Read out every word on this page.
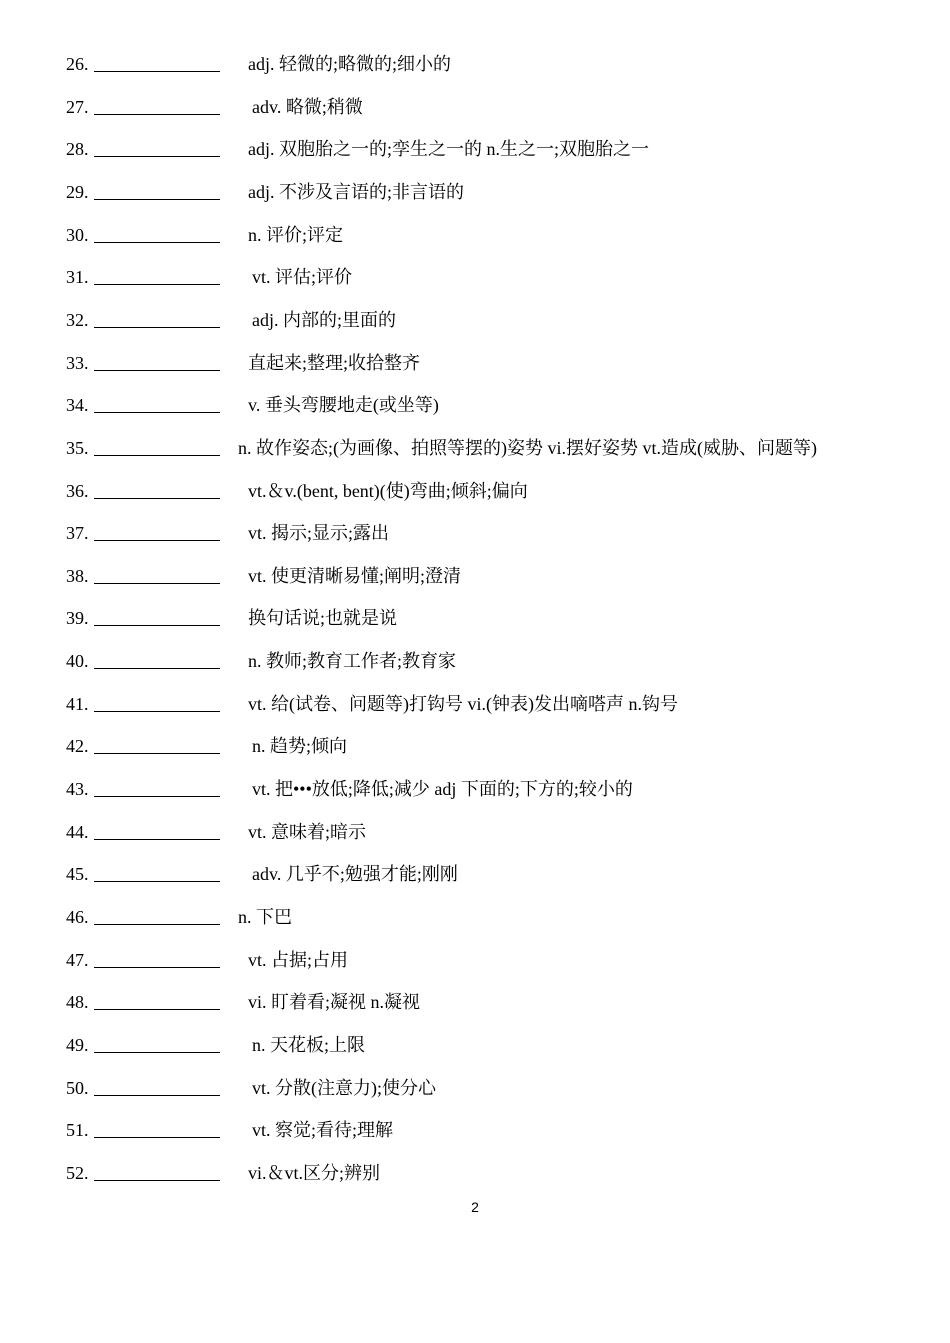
26.	adj. 轻微的;略微的;细小的
27.	adv. 略微;稍微
28.	adj. 双胞胎之一的;孪生之一的 n.生之一;双胞胎之一
29.	adj. 不涉及言语的;非言语的
30.	n. 评价;评定
31.	vt. 评估;评价
32.	adj. 内部的;里面的
33.	直起来;整理;收拾整齐
34.	v. 垂头弯腰地走(或坐等)
35.	n. 故作姿态;(为画像、拍照等摆的)姿势 vi.摆好姿势 vt.造成(威胁、问题等)
36.	vt.＆v.(bent, bent)(使)弯曲;倾斜;偏向
37.	vt. 揭示;显示;露出
38.	vt. 使更清晰易懂;阐明;澄清
39.	换句话说;也就是说
40.	n. 教师;教育工作者;教育家
41.	vt. 给(试卷、问题等)打钩号 vi.(钟表)发出嘀嗒声 n.钩号
42.	n. 趋势;倾向
43.	vt. 把•••放低;降低;减少 adj 下面的;下方的;较小的
44.	vt. 意味着;暗示
45.	adv. 几乎不;勉强才能;刚刚
46.	n. 下巴
47.	vt. 占据;占用
48.	vi. 盯着看;凝视 n.凝视
49.	n. 天花板;上限
50.	vt. 分散(注意力);使分心
51.	vt. 察觉;看待;理解
52.	vi.＆vt.区分;辨别
2
